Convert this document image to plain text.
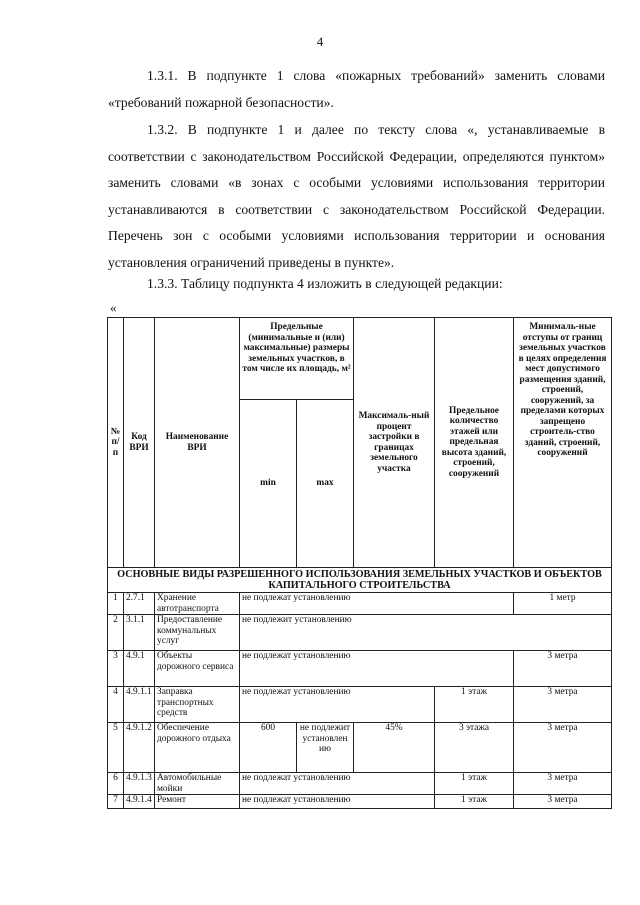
4

1.3.1. В подпункте 1 слова «пожарных требований» заменить словами «требований пожарной безопасности».

1.3.2. В подпункте 1 и далее по тексту слова «, устанавливаемые в соответствии с законодательством Российской Федерации, определяются пунктом» заменить словами «в зонах с особыми условиями использования территории устанавливаются в соответствии с законодательством Российской Федерации. Перечень зон с особыми условиями использования территории и основания установления ограничений приведены в пункте».

1.3.3. Таблицу подпункта 4 изложить в следующей редакции:

«
№ п/ п	Код ВРИ	Наименование ВРИ	Предельные (минимальные и (или) максимальные) размеры земельных участков, в том числе их площадь, м²		Максималь-ный процент застройки в границах земельного участка	Предельное количество этажей или предельная высота зданий, строений, сооружений	Минималь-ные отступы от границ земельных участков в целях определения мест допустимого размещения зданий, строений, сооружений, за пределами которых запрещено строитель-ство зданий, строений, сооружений
			min	max			
ОСНОВНЫЕ ВИДЫ РАЗРЕШЕННОГО ИСПОЛЬЗОВАНИЯ ЗЕМЕЛЬНЫХ УЧАСТКОВ И ОБЪЕКТОВ КАПИТАЛЬНОГО СТРОИТЕЛЬСТВА							
1	2.7.1	Хранение автотранспорта	не подлежат установлению				1 метр
2	3.1.1	Предоставление коммунальных услуг	не подлежит установлению				
3	4.9.1	Объекты дорожного сервиса	не подлежат установлению				3 метра
4	4.9.1.1	Заправка транспортных средств	не подлежат установлению			1 этаж	3 метра
5	4.9.1.2	Обеспечение дорожного отдыха	600	не подлежит установлен ию	45%	3 этажа	3 метра
6	4.9.1.3	Автомобильные мойки	не подлежат установлению			1 этаж	3 метра
7	4.9.1.4	Ремонт	не подлежат установлению			1 этаж	3 метра
